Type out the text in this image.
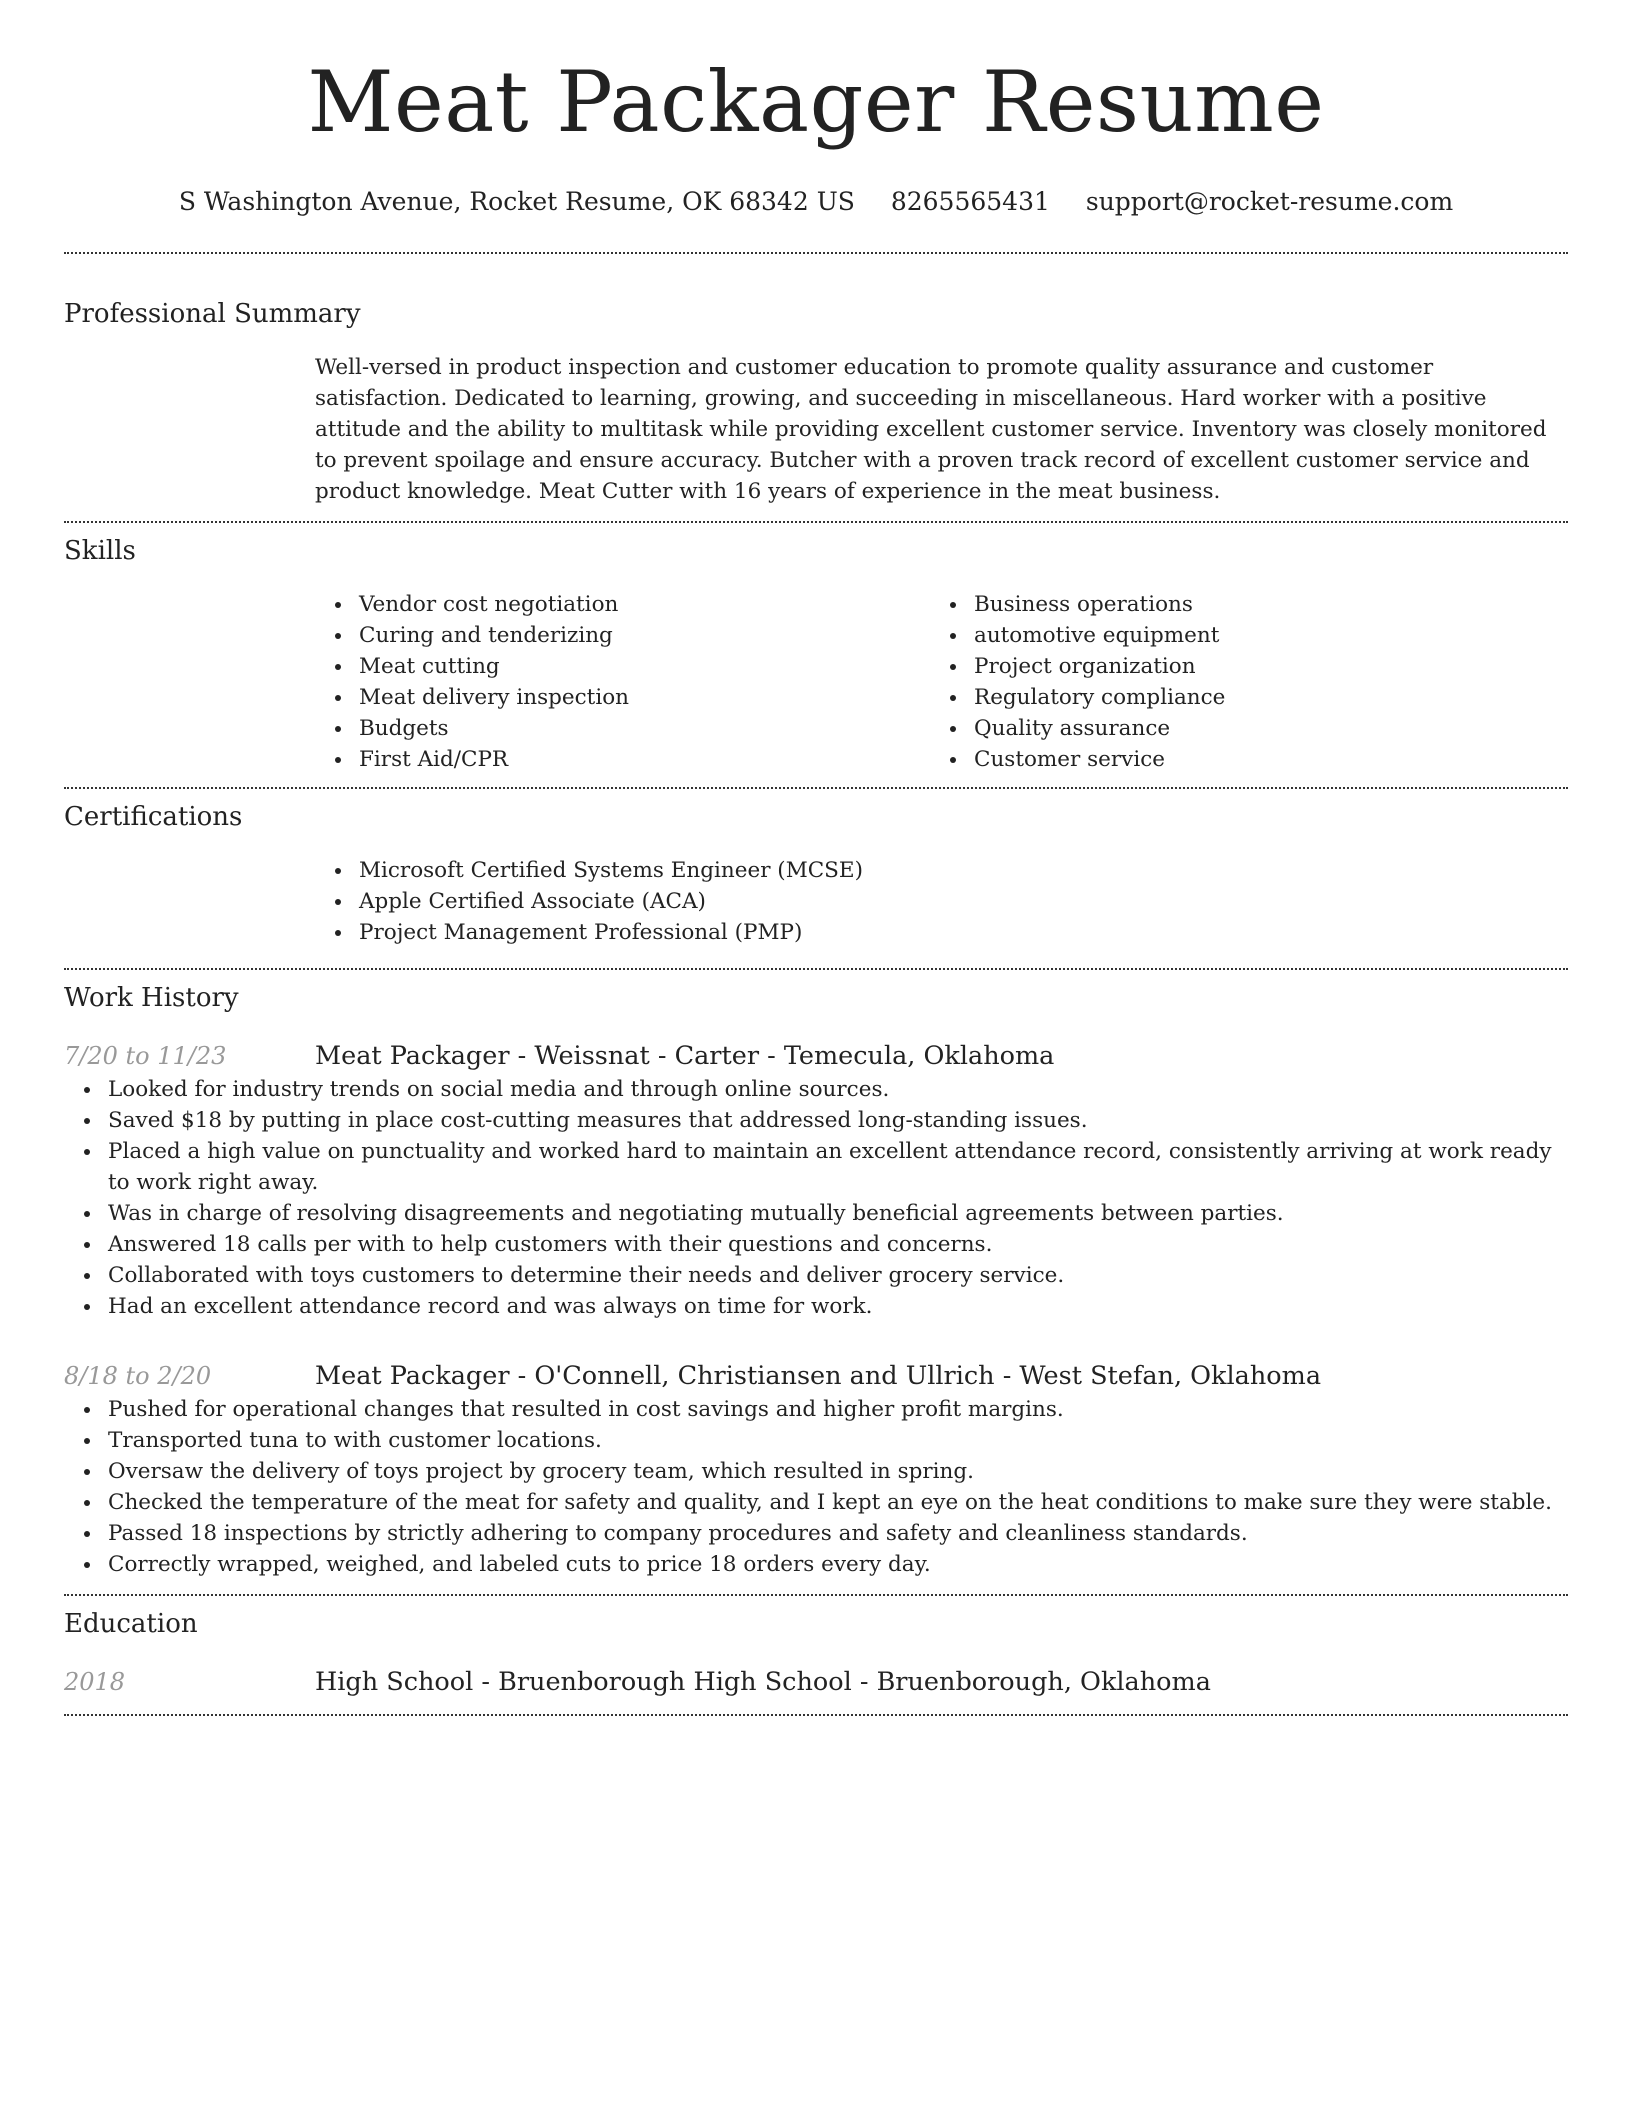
Meat Packager Resume
S Washington Avenue, Rocket Resume, OK 68342 US 8265565431 support@rocket-resume.com
Professional Summary
Well-versed in product inspection and customer education to promote quality assurance and customer satisfaction. Dedicated to learning, growing, and succeeding in miscellaneous. Hard worker with a positive attitude and the ability to multitask while providing excellent customer service. Inventory was closely monitored to prevent spoilage and ensure accuracy. Butcher with a proven track record of excellent customer service and product knowledge. Meat Cutter with 16 years of experience in the meat business.
Skills
Vendor cost negotiation
Curing and tenderizing
Meat cutting
Meat delivery inspection
Budgets
First Aid/CPR
Business operations
automotive equipment
Project organization
Regulatory compliance
Quality assurance
Customer service
Certifications
Microsoft Certified Systems Engineer (MCSE)
Apple Certified Associate (ACA)
Project Management Professional (PMP)
Work History
7/20 to 11/23	Meat Packager - Weissnat - Carter - Temecula, Oklahoma
Looked for industry trends on social media and through online sources.
Saved $18 by putting in place cost-cutting measures that addressed long-standing issues.
Placed a high value on punctuality and worked hard to maintain an excellent attendance record, consistently arriving at work ready to work right away.
Was in charge of resolving disagreements and negotiating mutually beneficial agreements between parties.
Answered 18 calls per with to help customers with their questions and concerns.
Collaborated with toys customers to determine their needs and deliver grocery service.
Had an excellent attendance record and was always on time for work.
8/18 to 2/20	Meat Packager - O'Connell, Christiansen and Ullrich - West Stefan, Oklahoma
Pushed for operational changes that resulted in cost savings and higher profit margins.
Transported tuna to with customer locations.
Oversaw the delivery of toys project by grocery team, which resulted in spring.
Checked the temperature of the meat for safety and quality, and I kept an eye on the heat conditions to make sure they were stable.
Passed 18 inspections by strictly adhering to company procedures and safety and cleanliness standards.
Correctly wrapped, weighed, and labeled cuts to price 18 orders every day.
Education
2018	High School - Bruenborough High School - Bruenborough, Oklahoma
